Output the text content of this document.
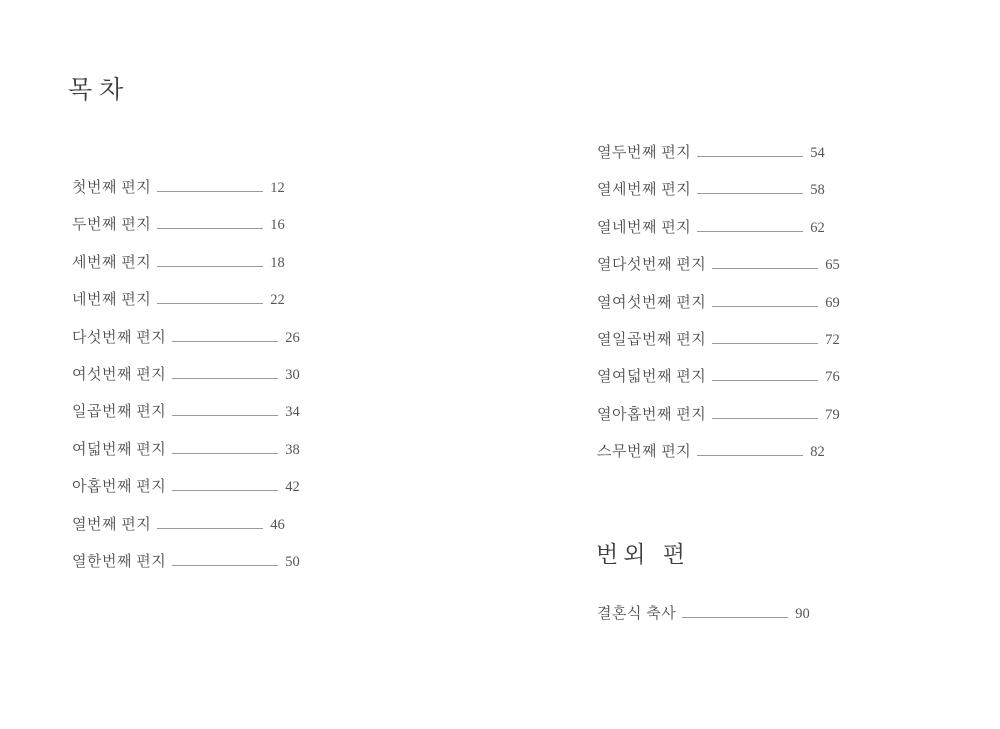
목차
첫번째 편지	12
두번째 편지	16
세번째 편지	18
네번째 편지	22
다섯번째 편지	26
여섯번째 편지	30
일곱번째 편지	34
여덟번째 편지	38
아홉번째 편지	42
열번째 편지	46
열한번째 편지	50
열두번째 편지	54
열세번째 편지	58
열네번째 편지	62
열다섯번째 편지	65
열여섯번째 편지	69
열일곱번째 편지	72
열여덟번째 편지	76
열아홉번째 편지	79
스무번째 편지	82
번외 편
결혼식 축사	90
